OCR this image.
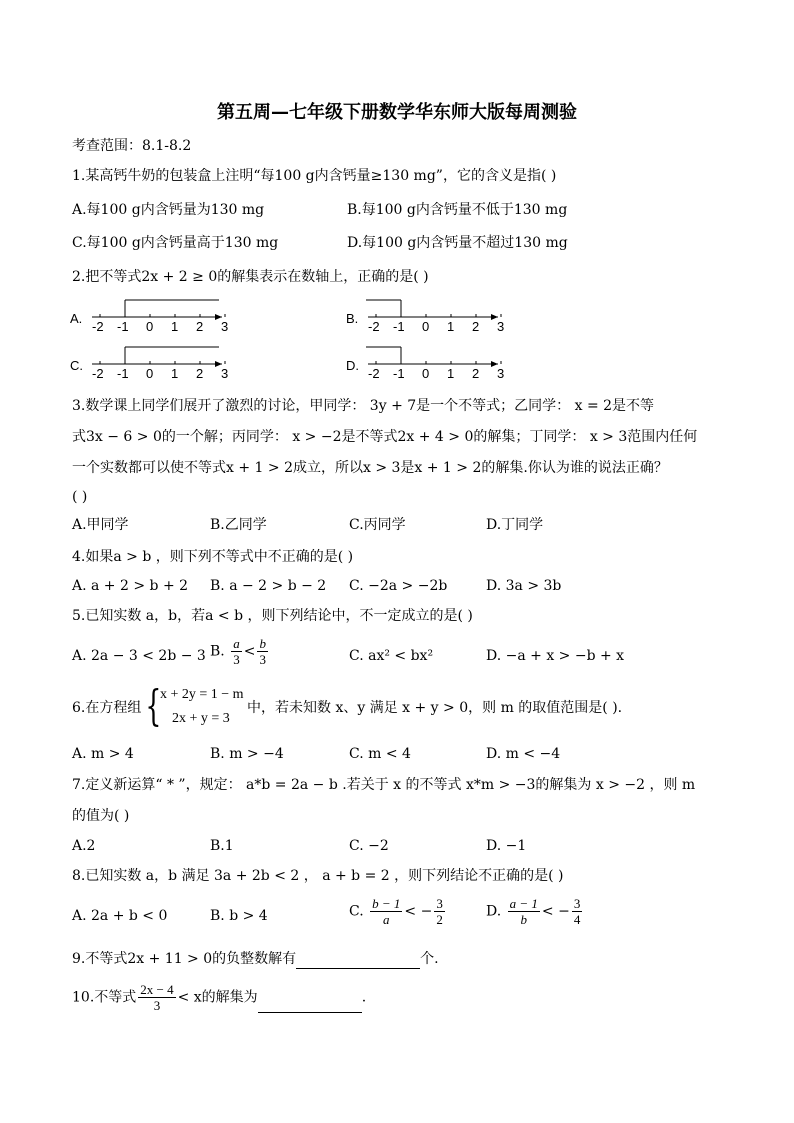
第五周—七年级下册数学华东师大版每周测验
考查范围：8.1-8.2
1.某高钙牛奶的包装盒上注明“每100 g内含钙量≥130 mg”，它的含义是指( )
A.每100 g内含钙量为130 mg	B.每100 g内含钙量不低于130 mg
C.每100 g内含钙量高于130 mg	D.每100 g内含钙量不超过130 mg
2.把不等式2x + 2 ≥ 0的解集表示在数轴上，正确的是( )
A.
-2 -1 0 1 2 3
B.
-2 -1 0 1 2 3
C.
-2 -1 0 1 2 3
D.
-2 -1 0 1 2 3
3.数学课上同学们展开了激烈的讨论，甲同学： 3y + 7是一个不等式；乙同学： x = 2是不等
式3x − 6 > 0的一个解；丙同学： x > −2是不等式2x + 4 > 0的解集；丁同学： x > 3范围内任何
一个实数都可以使不等式x + 1 > 2成立，所以x > 3是x + 1 > 2的解集.你认为谁的说法正确？
( )
A.甲同学	B.乙同学	C.丙同学	D.丁同学
4.如果a > b ，则下列不等式中不正确的是( )
A. a + 2 > b + 2 B. a − 2 > b − 2 C. −2a > −2b	D. 3a > 3b
5.已知实数 a，b，若a < b ，则下列结论中，不一定成立的是( )
A. 2a − 3 < 2b − 3 B. $\frac{a}{3} < \frac{b}{3}$	C. ax² < bx²	D. −a + x > −b + x
6.在方程组 {
x + 2y = 1 − m
2x + y = 3
中，若未知数 x、y 满足 x + y > 0，则 m 的取值范围是( ).
A. m > 4	B. m > −4	C. m < 4	D. m < −4
7.定义新运算“ * ”，规定： a*b = 2a − b .若关于 x 的不等式 x*m > −3的解集为 x > −2 ，则 m
的值为( )
A.2	B.1	C. −2	D. −1
8.已知实数 a，b 满足 3a + 2b < 2 ， a + b = 2 ，则下列结论不正确的是( )
A. 2a + b < 0	B. b > 4	C. $\frac{b - 1}{a}$ < − $\frac{3}{2}$	D. $\frac{a - 1}{b}$ < − $\frac{3}{4}$
9.不等式2x + 11 > 0的负整数解有	个.
10.不等式 $\frac{2x - 4}{3} < x$的解集为	.
